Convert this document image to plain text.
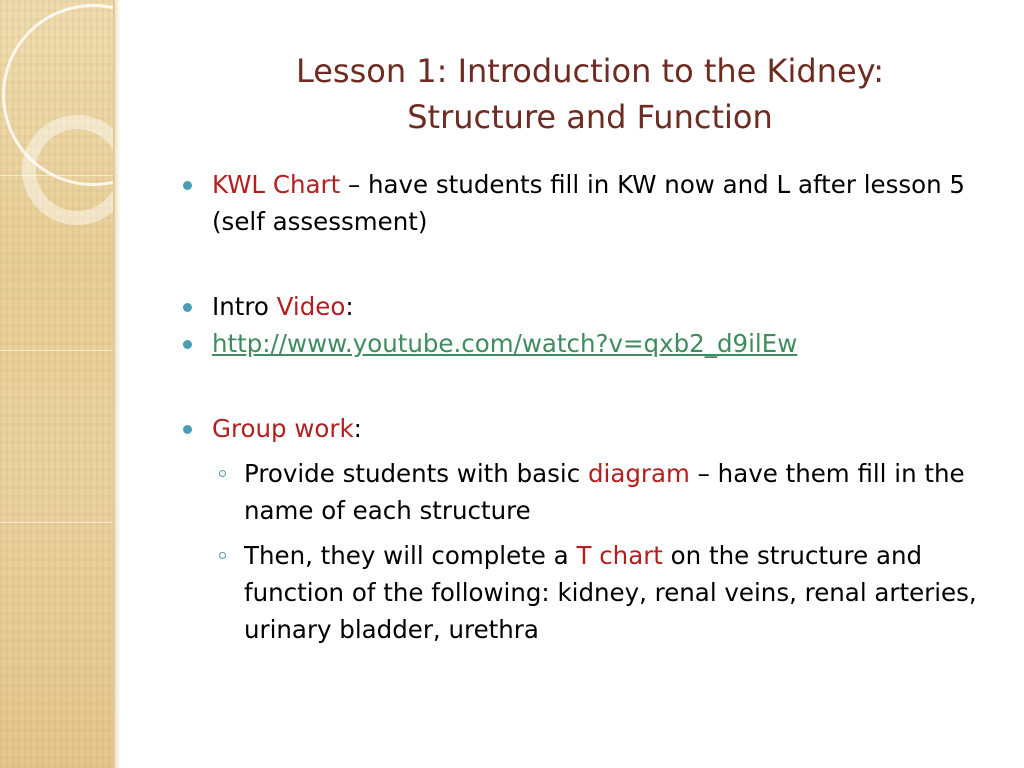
Lesson 1: Introduction to the Kidney:
Structure and Function
KWL Chart – have students fill in KW now and L after lesson 5 (self assessment)
Intro Video:
http://www.youtube.com/watch?v=qxb2_d9ilEw
Group work:
Provide students with basic diagram – have them fill in the name of each structure
Then, they will complete a T chart on the structure and function of the following: kidney, renal veins, renal arteries, urinary bladder, urethra
